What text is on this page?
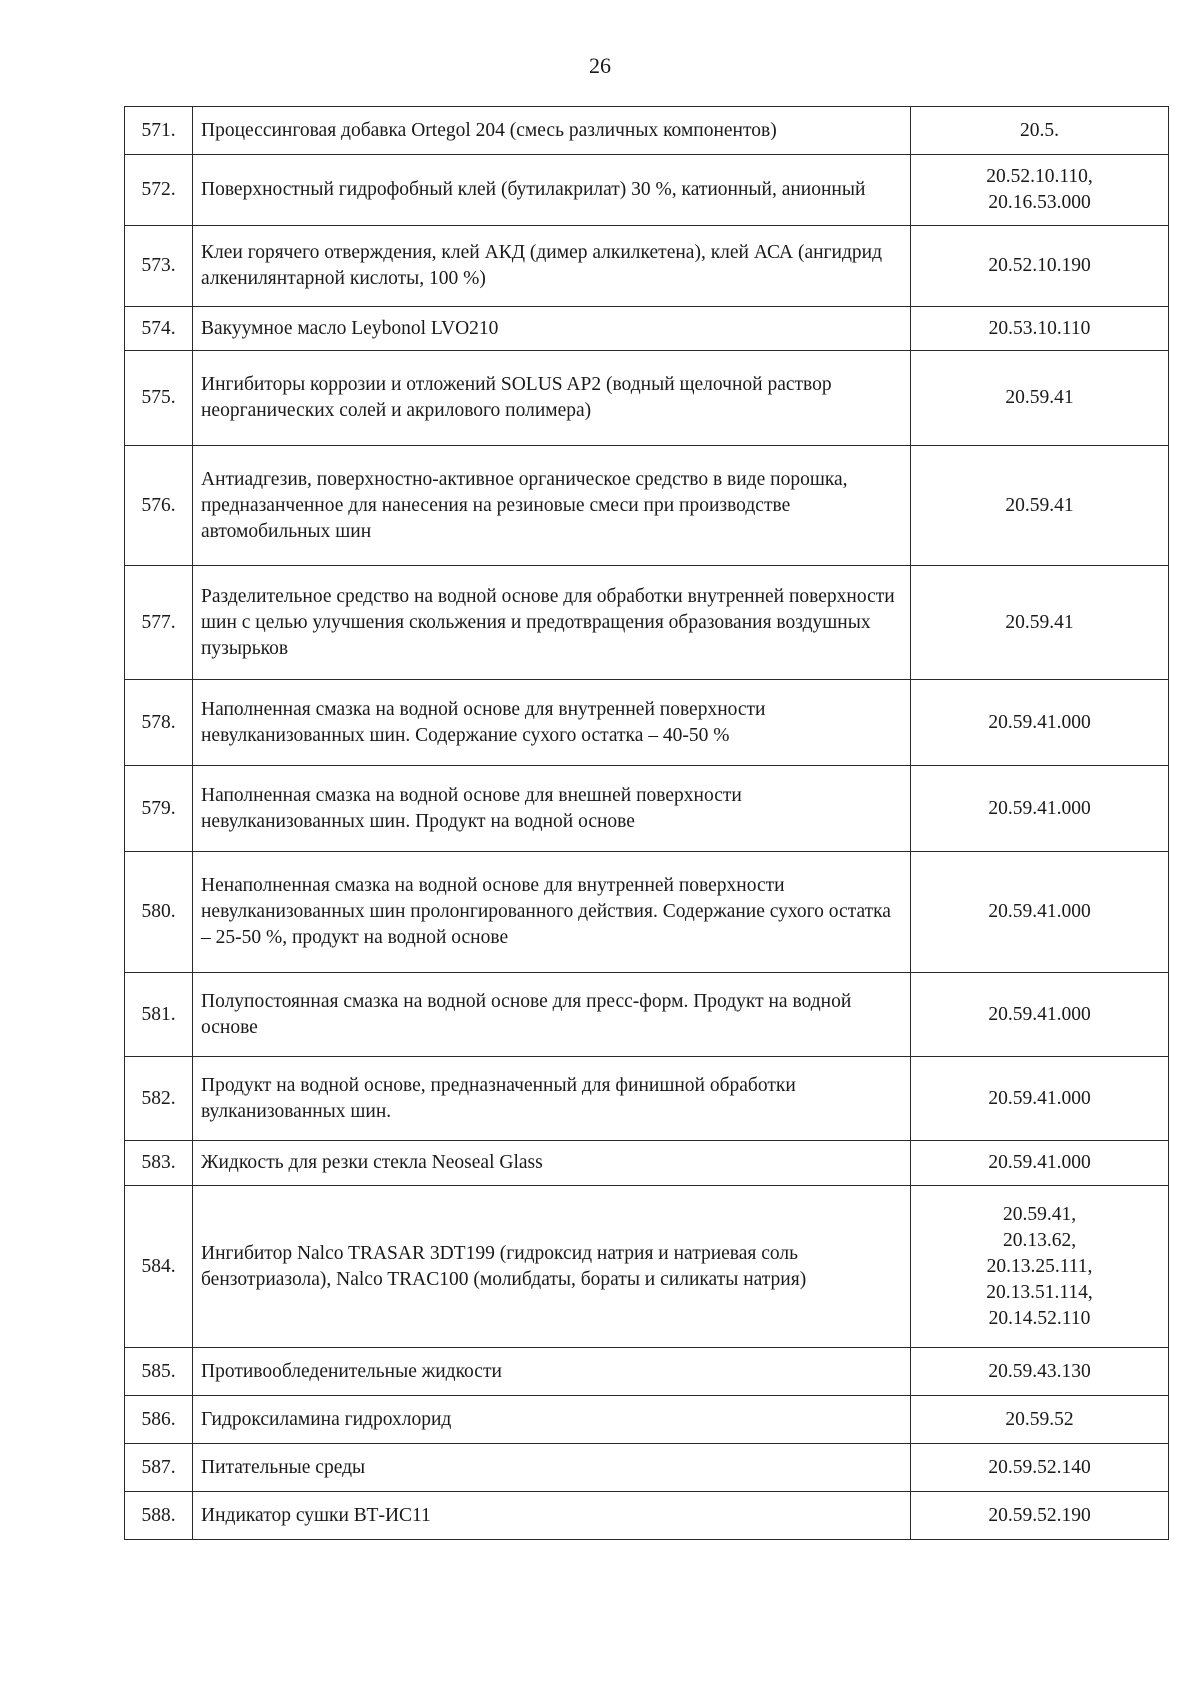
26
571.	Процессинговая добавка Ortegol 204 (смесь различных компонентов)	20.5.
572.	Поверхностный гидрофобный клей (бутилакрилат) 30 %, катионный, анионный	20.52.10.110,
20.16.53.000
573.	Клеи горячего отверждения, клей АКД (димер алкилкетена), клей АСА (ангидрид алкенилянтарной кислоты, 100 %)	20.52.10.190
574.	Вакуумное масло Leybonol LVO210	20.53.10.110
575.	Ингибиторы коррозии и отложений SOLUS AP2 (водный щелочной раствор неорганических солей и акрилового полимера)	20.59.41
576.	Антиадгезив, поверхностно-активное органическое средство в виде порошка, предназанченное для нанесения на резиновые смеси при производстве автомобильных шин	20.59.41
577.	Разделительное средство на водной основе для обработки внутренней поверхности шин с целью улучшения скольжения и предотвращения образования воздушных пузырьков	20.59.41
578.	Наполненная смазка на водной основе для внутренней поверхности невулканизованных шин. Содержание сухого остатка – 40-50 %	20.59.41.000
579.	Наполненная смазка на водной основе для внешней поверхности невулканизованных шин. Продукт на водной основе	20.59.41.000
580.	Ненаполненная смазка на водной основе для внутренней поверхности невулканизованных шин пролонгированного действия. Содержание сухого остатка – 25-50 %, продукт на водной основе	20.59.41.000
581.	Полупостоянная смазка на водной основе для пресс-форм. Продукт на водной основе	20.59.41.000
582.	Продукт на водной основе, предназначенный для финишной обработки вулканизованных шин.	20.59.41.000
583.	Жидкость для резки стекла Neoseal Glass	20.59.41.000
584.	Ингибитор Nalco TRASAR 3DT199 (гидроксид натрия и натриевая соль бензотриазола), Nalco TRAC100 (молибдаты, бораты и силикаты натрия)	20.59.41,
20.13.62,
20.13.25.111,
20.13.51.114,
20.14.52.110
585.	Противообледенительные жидкости	20.59.43.130
586.	Гидроксиламина гидрохлорид	20.59.52
587.	Питательные среды	20.59.52.140
588.	Индикатор сушки ВТ-ИС11	20.59.52.190
